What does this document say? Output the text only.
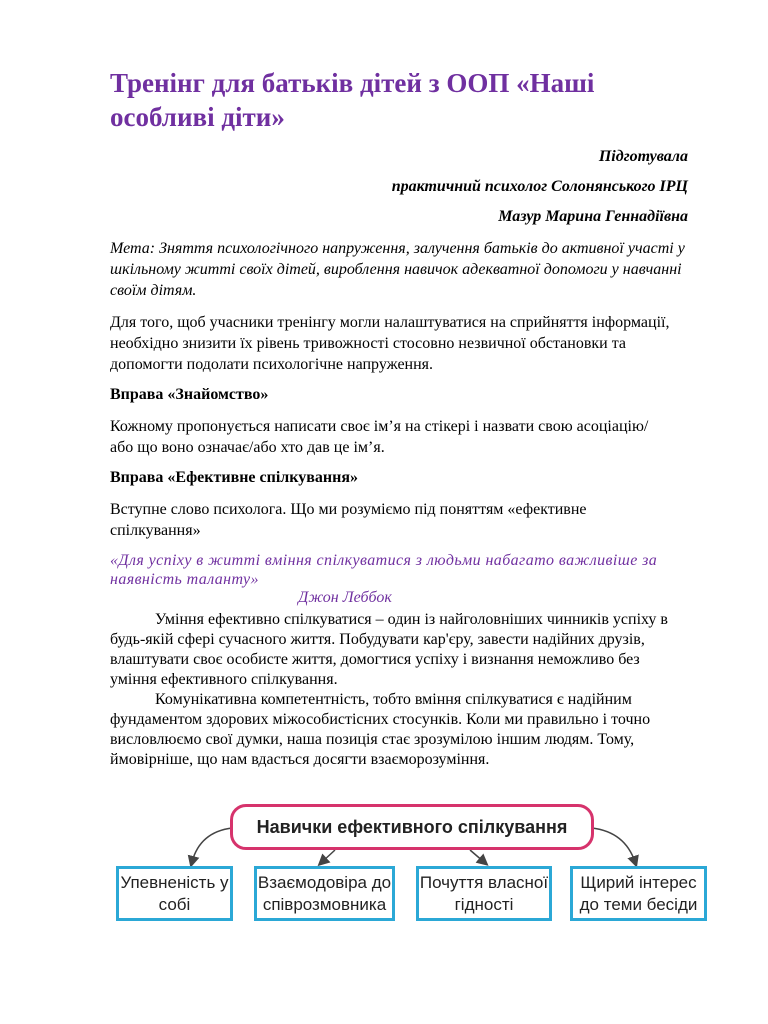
Тренінг для батьків дітей з ООП «Наші особливі діти»
Підготувала
практичний психолог Солонянського ІРЦ
Мазур Марина Геннадіївна
Мета: Зняття психологічного напруження, залучення батьків до активної участі у шкільному житті своїх дітей, вироблення навичок адекватної допомоги у навчанні своїм дітям.
Для того, щоб учасники тренінгу могли налаштуватися на сприйняття інформації, необхідно знизити їх рівень тривожності стосовно незвичної обстановки та допомогти подолати психологічне напруження.
Вправа «Знайомство»
Кожному пропонується написати своє ім’я на стікері і назвати свою асоціацію/або що воно означає/або хто дав це ім’я.
Вправа «Ефективне спілкування»
Вступне слово психолога. Що ми розуміємо під поняттям «ефективне спілкування»
«Для успіху в житті вміння спілкуватися з людьми набагато важливіше за наявність таланту»
Джон Леббок

Уміння ефективно спілкуватися – один із найголовніших чинників успіху в будь-якій сфері сучасного життя. Побудувати кар'єру, завести надійних друзів, влаштувати своє особисте життя, домогтися успіху і визнання неможливо без уміння ефективного спілкування.

Комунікативна компетентність, тобто вміння спілкуватися є надійним фундаментом здорових міжособистісних стосунків. Коли ми правильно і точно висловлюємо свої думки, наша позиція стає зрозумілою іншим людям. Тому, ймовірніше, що нам вдасться досягти взаєморозуміння.

Навички ефективного спілкування
Упевненість у собі
Взаємодовіра до співрозмовника
Почуття власної гідності
Щирий інтерес до теми бесіди
